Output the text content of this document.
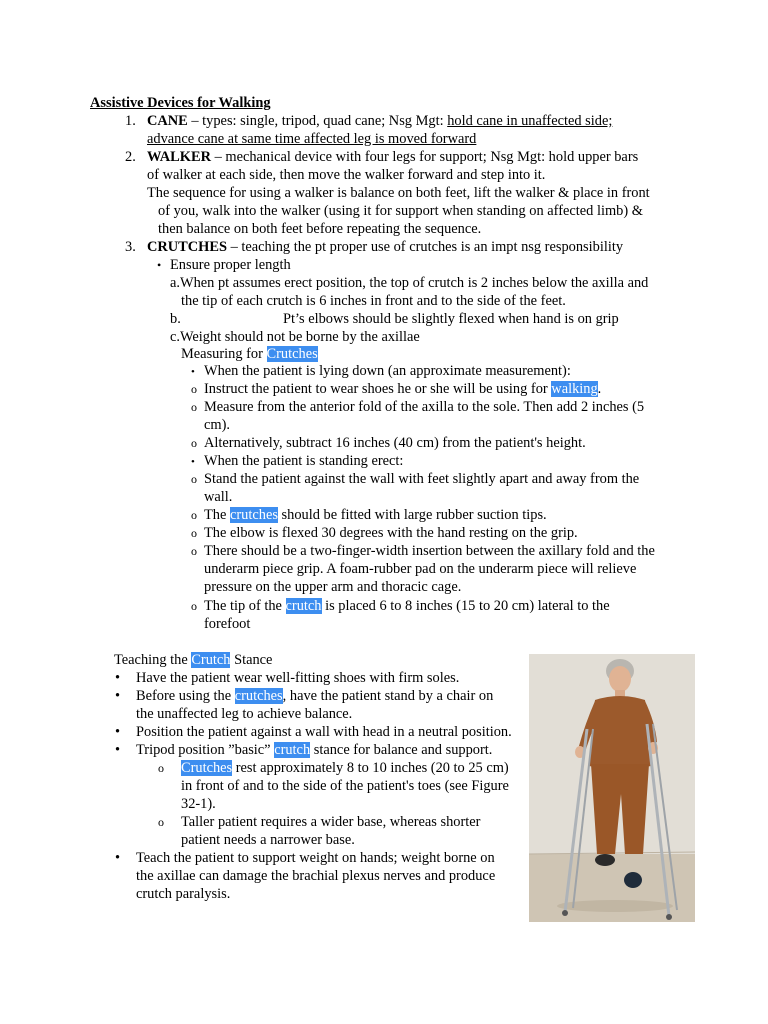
Assistive Devices for Walking
1. CANE – types: single, tripod, quad cane; Nsg Mgt: hold cane in unaffected side;
advance cane at same time affected leg is moved forward
2. WALKER – mechanical device with four legs for support; Nsg Mgt: hold upper bars
of walker at each side, then move the walker forward and step into it.
The sequence for using a walker is balance on both feet, lift the walker & place in front
of you, walk into the walker (using it for support when standing on affected limb) &
then balance on both feet before repeating the sequence.
3. CRUTCHES – teaching the pt proper use of crutches is an impt nsg responsibility
• Ensure proper length
a.When pt assumes erect position, the top of crutch is 2 inches below the axilla and
the tip of each crutch is 6 inches in front and to the side of the feet.
b.	Pt’s elbows should be slightly flexed when hand is on grip
c.Weight should not be borne by the axillae
Measuring for Crutches
• When the patient is lying down (an approximate measurement):
o Instruct the patient to wear shoes he or she will be using for walking.
o Measure from the anterior fold of the axilla to the sole. Then add 2 inches (5
cm).
o Alternatively, subtract 16 inches (40 cm) from the patient's height.
• When the patient is standing erect:
o Stand the patient against the wall with feet slightly apart and away from the
wall.
o The crutches should be fitted with large rubber suction tips.
o The elbow is flexed 30 degrees with the hand resting on the grip.
o There should be a two-finger-width insertion between the axillary fold and the
underarm piece grip. A foam-rubber pad on the underarm piece will relieve
pressure on the upper arm and thoracic cage.
o The tip of the crutch is placed 6 to 8 inches (15 to 20 cm) lateral to the
forefoot
Teaching the Crutch Stance
• Have the patient wear well-fitting shoes with firm soles.
• Before using the crutches, have the patient stand by a chair on
the unaffected leg to achieve balance.
• Position the patient against a wall with head in a neutral position.
• Tripod position ”basic” crutch stance for balance and support.
o Crutches rest approximately 8 to 10 inches (20 to 25 cm)
in front of and to the side of the patient's toes (see Figure
32-1).
o Taller patient requires a wider base, whereas shorter
patient needs a narrower base.
• Teach the patient to support weight on hands; weight borne on
the axillae can damage the brachial plexus nerves and produce
crutch paralysis.
